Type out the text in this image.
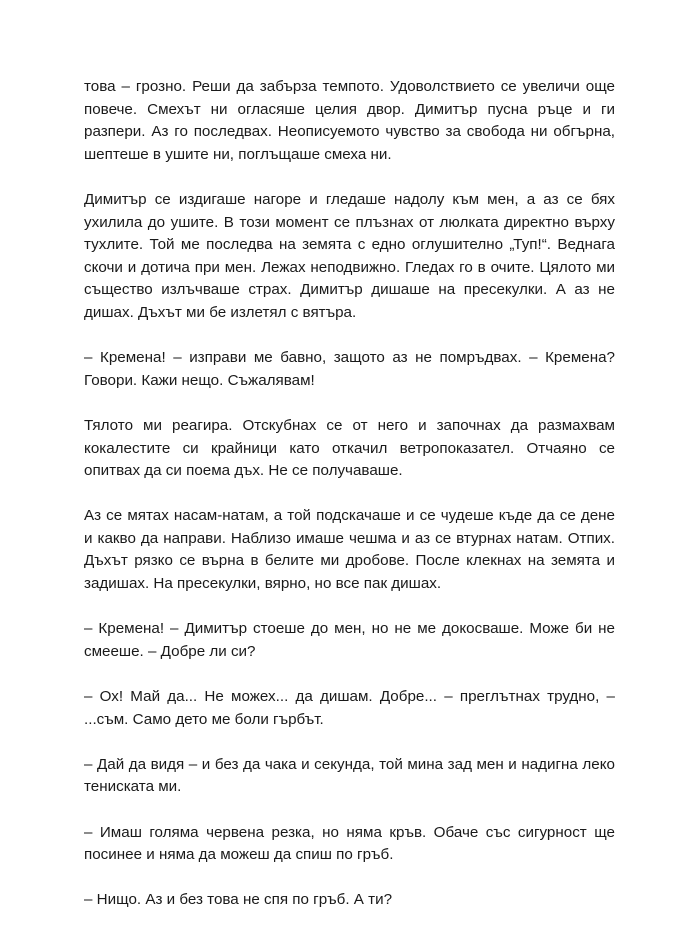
това – грозно. Реши да забърза темпото. Удоволствието се увеличи още повече. Смехът ни огласяше целия двор. Димитър пусна ръце и ги разпери. Аз го последвах. Неописуемото чувство за свобода ни обгърна, шептеше в ушите ни, поглъщаше смеха ни.

Димитър се издигаше нагоре и гледаше надолу към мен, а аз се бях ухилила до ушите. В този момент се плъзнах от люлката директно върху тухлите. Той ме последва на земята с едно оглушително „Туп!“. Веднага скочи и дотича при мен. Лежах неподвижно. Гледах го в очите. Цялото ми същество излъчваше страх. Димитър дишаше на пресекулки. А аз не дишах. Дъхът ми бе излетял с вятъра.

– Кремена! – изправи ме бавно, защото аз не помръдвах. – Кремена? Говори. Кажи нещо. Съжалявам!

Тялото ми реагира. Отскубнах се от него и започнах да размахвам кокалестите си крайници като откачил ветропоказател. Отчаяно се опитвах да си поема дъх. Не се получаваше.

Аз се мятах насам-натам, а той подскачаше и се чудеше къде да се дене и какво да направи. Наблизо имаше чешма и аз се втурнах натам. Отпих. Дъхът рязко се върна в белите ми дробове. После клекнах на земята и задишах. На пресекулки, вярно, но все пак дишах.

– Кремена! – Димитър стоеше до мен, но не ме докосваше. Може би не смееше. – Добре ли си?

– Ох! Май да... Не можех... да дишам. Добре... – преглътнах трудно, – ...съм. Само дето ме боли гърбът.

– Дай да видя – и без да чака и секунда, той мина зад мен и надигна леко тениската ми.

– Имаш голяма червена резка, но няма кръв. Обаче със сигурност ще посинее и няма да можеш да спиш по гръб.

– Нищо. Аз и без това не спя по гръб. А ти?
